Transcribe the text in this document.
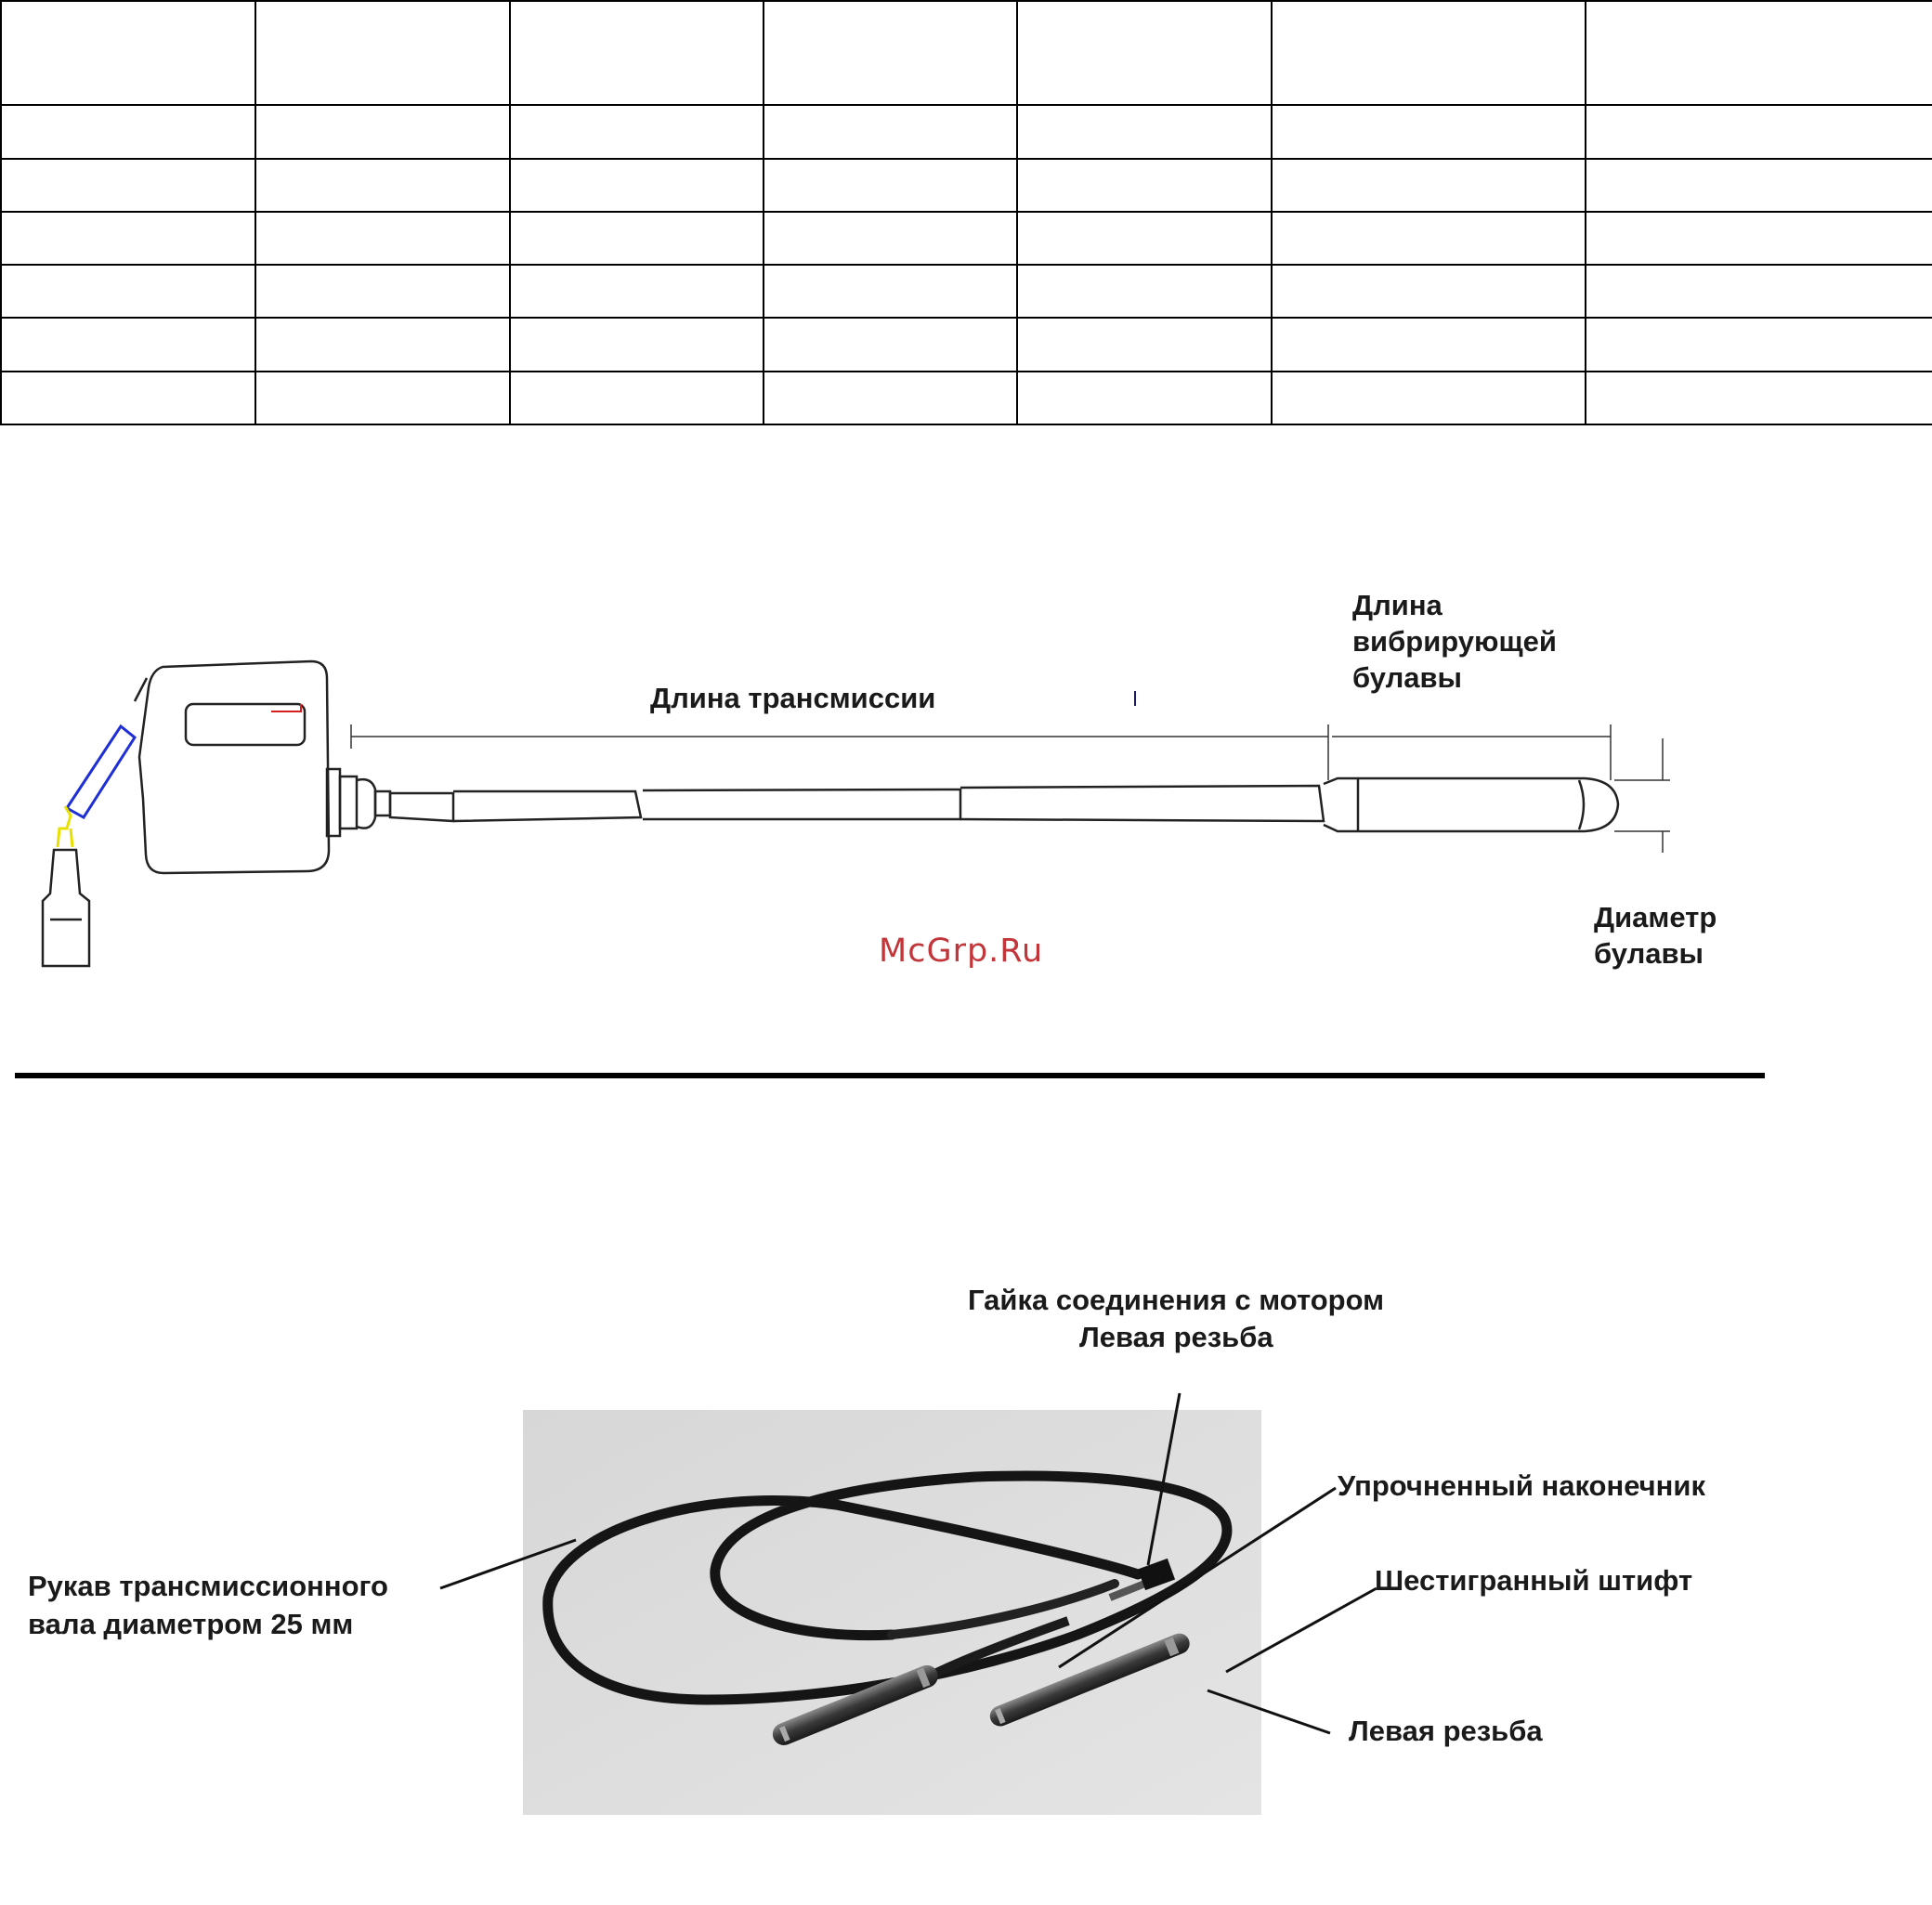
Длина трансмиссии

Длина

вибрирующей

булавы

Диаметр

булавы

McGrp.Ru

Гайка соединения с мотором

Левая резьба

Упрочненный наконечник

Шестигранный штифт

Левая резьба

Рукав трансмиссионного

вала диаметром 25 мм
